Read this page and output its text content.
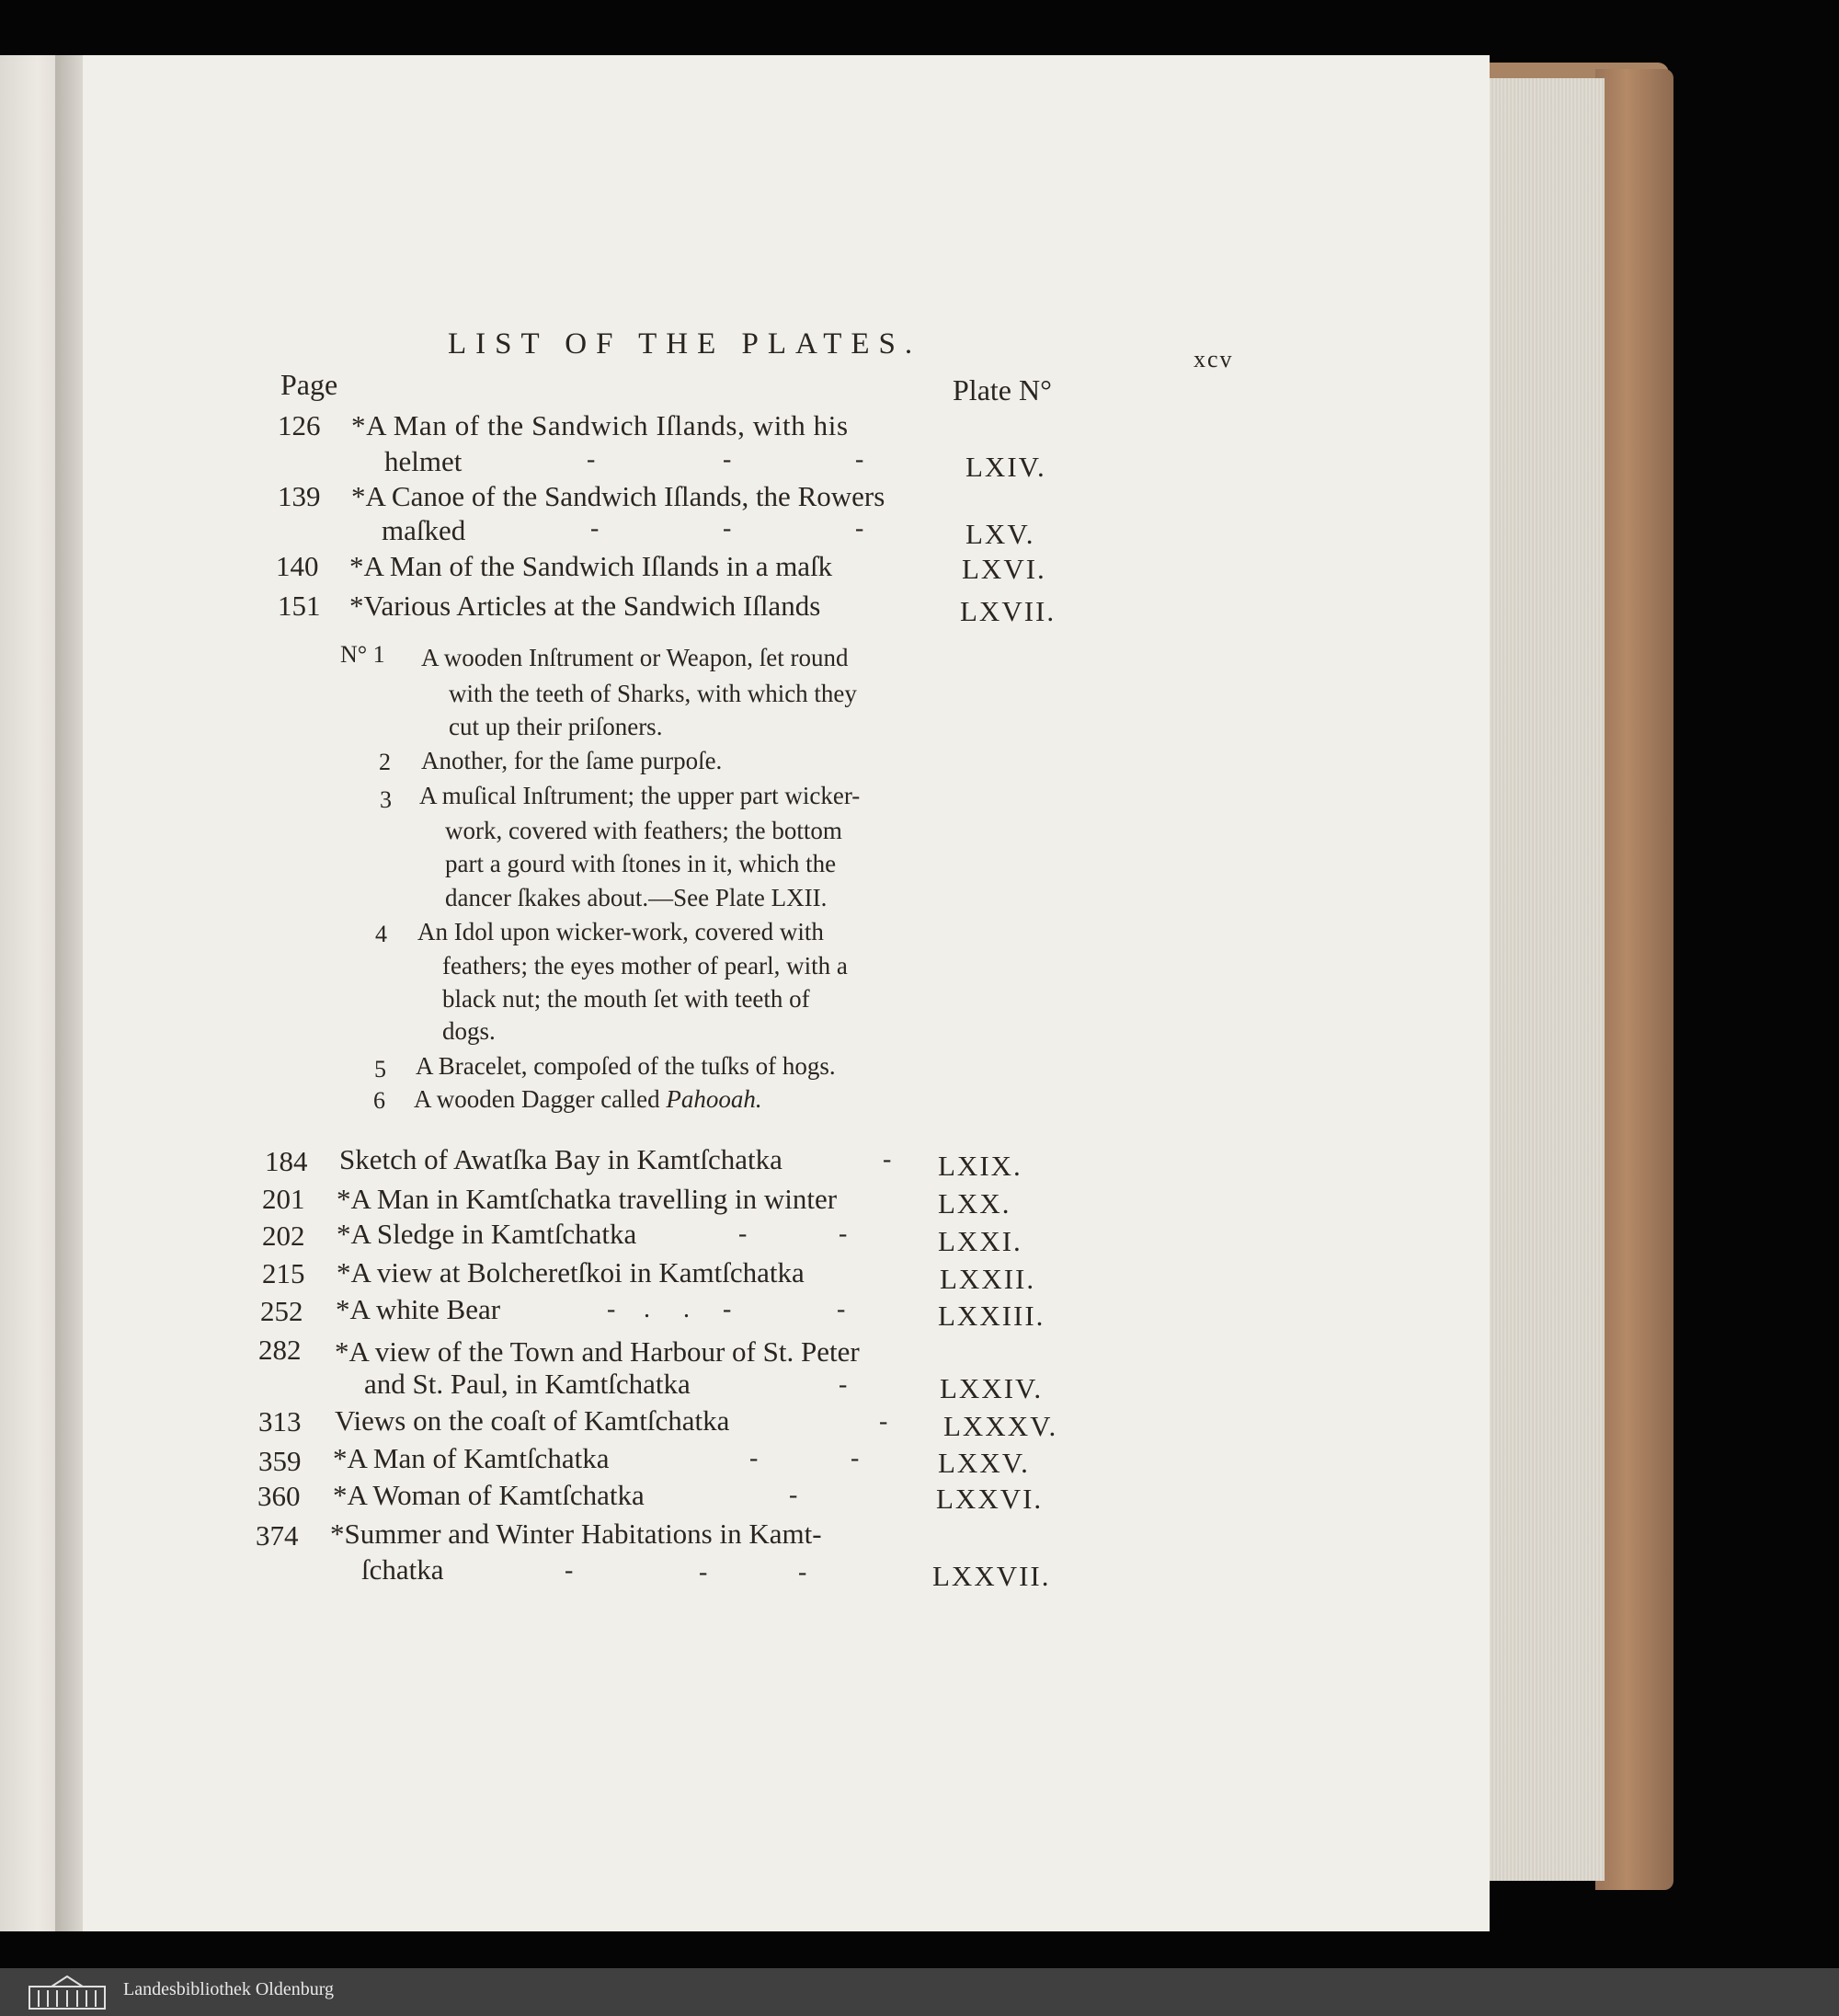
LIST OF THE PLATES.	xcv
Page	Plate N°
126 *A Man of the Sandwich Iſlands, with his
helmet	-	-	-	LXIV.
139 *A Canoe of the Sandwich Iſlands, the Rowers
maſked	-	-	-	LXV.
140 *A Man of the Sandwich Iſlands in a maſk	LXVI.
151 *Various Articles at the Sandwich Iſlands	LXVII.
N° 1 A wooden Inſtrument or Weapon, ſet round
with the teeth of Sharks, with which they
cut up their priſoners.
2 Another, for the ſame purpoſe.
3 A muſical Inſtrument; the upper part wicker-
work, covered with feathers; the bottom
part a gourd with ſtones in it, which the
dancer ſkakes about.—See Plate LXII.
4 An Idol upon wicker-work, covered with
feathers; the eyes mother of pearl, with a
black nut; the mouth ſet with teeth of
dogs.
5 A Bracelet, compoſed of the tuſks of hogs.
6 A wooden Dagger called Pahooah.
184 Sketch of Awatſka Bay in Kamtſchatka	- LXIX.
201 *A Man in Kamtſchatka travelling in winter	LXX.
202 *A Sledge in Kamtſchatka	-	-	LXXI.
215 *A view at Bolcheretſkoi in Kamtſchatka	LXXII.
252 *A white Bear	- . . -	-	LXXIII.
282 *A view of the Town and Harbour of St. Peter
and St. Paul, in Kamtſchatka	-	LXXIV.
313 Views on the coaſt of Kamtſchatka	- LXXXV.
359 *A Man of Kamtſchatka	-	-	LXXV.
360 *A Woman of Kamtſchatka	-	LXXVI.
374 *Summer and Winter Habitations in Kamt-
ſchatka	-	-	-	LXXVII.
Landesbibliothek Oldenburg
